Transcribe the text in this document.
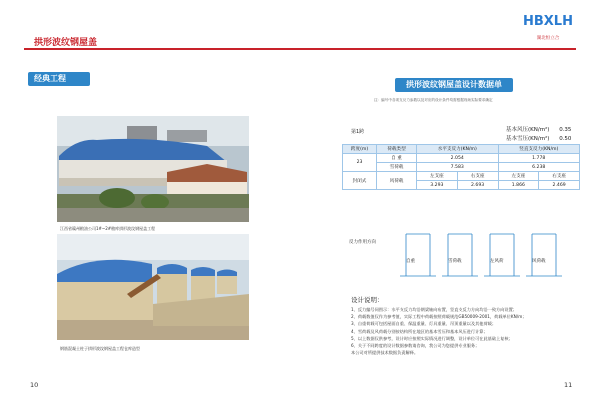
拱形波纹钢屋盖
HBXLH
湖北恒立合
经典工程
江西省赣州粮油公司1#~2#粮库拱形波纹钢屋盖工程
钢筋混凝土柱子拱形波纹钢屋盖工程仓库造型
10
拱形波纹钢屋盖设计数据单
注：编号中各项支反力参数以及对应的设计条件均需根据现场实际要求确定
第1跨	基本风压(KN/m²) 0.35
基本雪压(KN/m²) 0.50
跨度(m)	荷载类型	水平支反力(KN/m)		竖直支反力(KN/m)	
23	自 重	2.054		1.778	
	雪荷载	7.583		6.238	
封闭式	风荷载	左支座	右支座	左支座	右支座
		3.293	2.693	1.866	2.469
反力作用方向
自重	雪荷载	左风荷	风荷载
设计说明：
1、反力编号同图示：水平支反力均沿钢梁轴向布置，竖直支反力方向均沿一致方向设置；
2、荷载数值仅作为参考值，实际工程中荷载按照荷载规范GB50009-2001，荷载单位KN/m；
3、自重荷载可包括屋面自重、保温重量、灯具重量、吊顶重量以及其他荷载；
4、雪荷载及风荷载分别按结构所在地区的基本雪压和基本风压进行计算；
5、以上数据仅供参考，设计时应按照实际情况进行调整，设计单位可在此基础上复核；
6、关于不同跨度的设计数据参数请咨询，我公司为您提供专业服务；
本公司对所提供技术数据负责解释。
11
